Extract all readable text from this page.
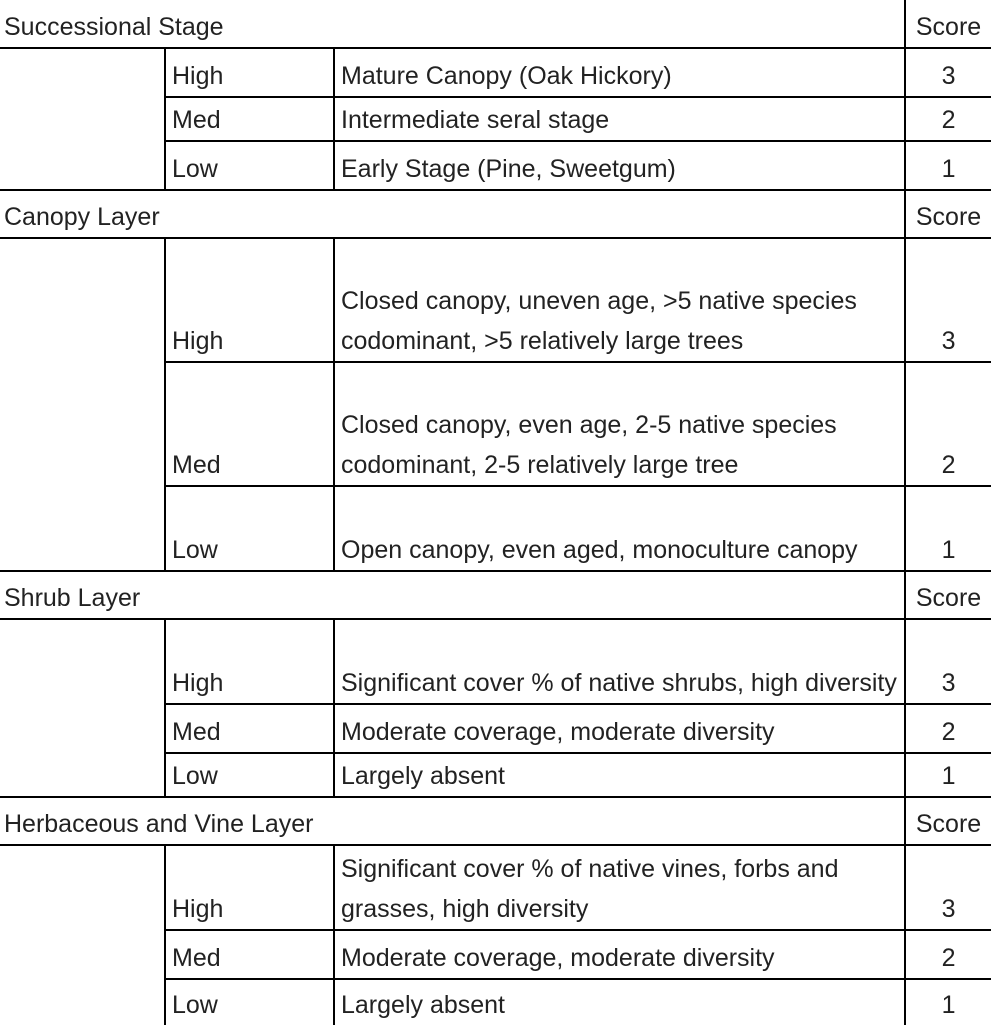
Successional Stage			Score
	High	Mature Canopy (Oak Hickory)	3
	Med	Intermediate seral stage	2
	Low	Early Stage (Pine, Sweetgum)	1
Canopy Layer			Score
	High	Closed canopy, uneven age, >5 native species codominant, >5 relatively large trees	3
	Med	Closed canopy, even age, 2-5 native species codominant, 2-5 relatively large tree	2
	Low	Open canopy, even aged, monoculture canopy	1
Shrub Layer			Score
	High	Significant cover % of native shrubs, high diversity	3
	Med	Moderate coverage, moderate diversity	2
	Low	Largely absent	1
Herbaceous and Vine Layer			Score
	High	Significant cover % of native vines, forbs and grasses, high diversity	3
	Med	Moderate coverage, moderate diversity	2
	Low	Largely absent	1
